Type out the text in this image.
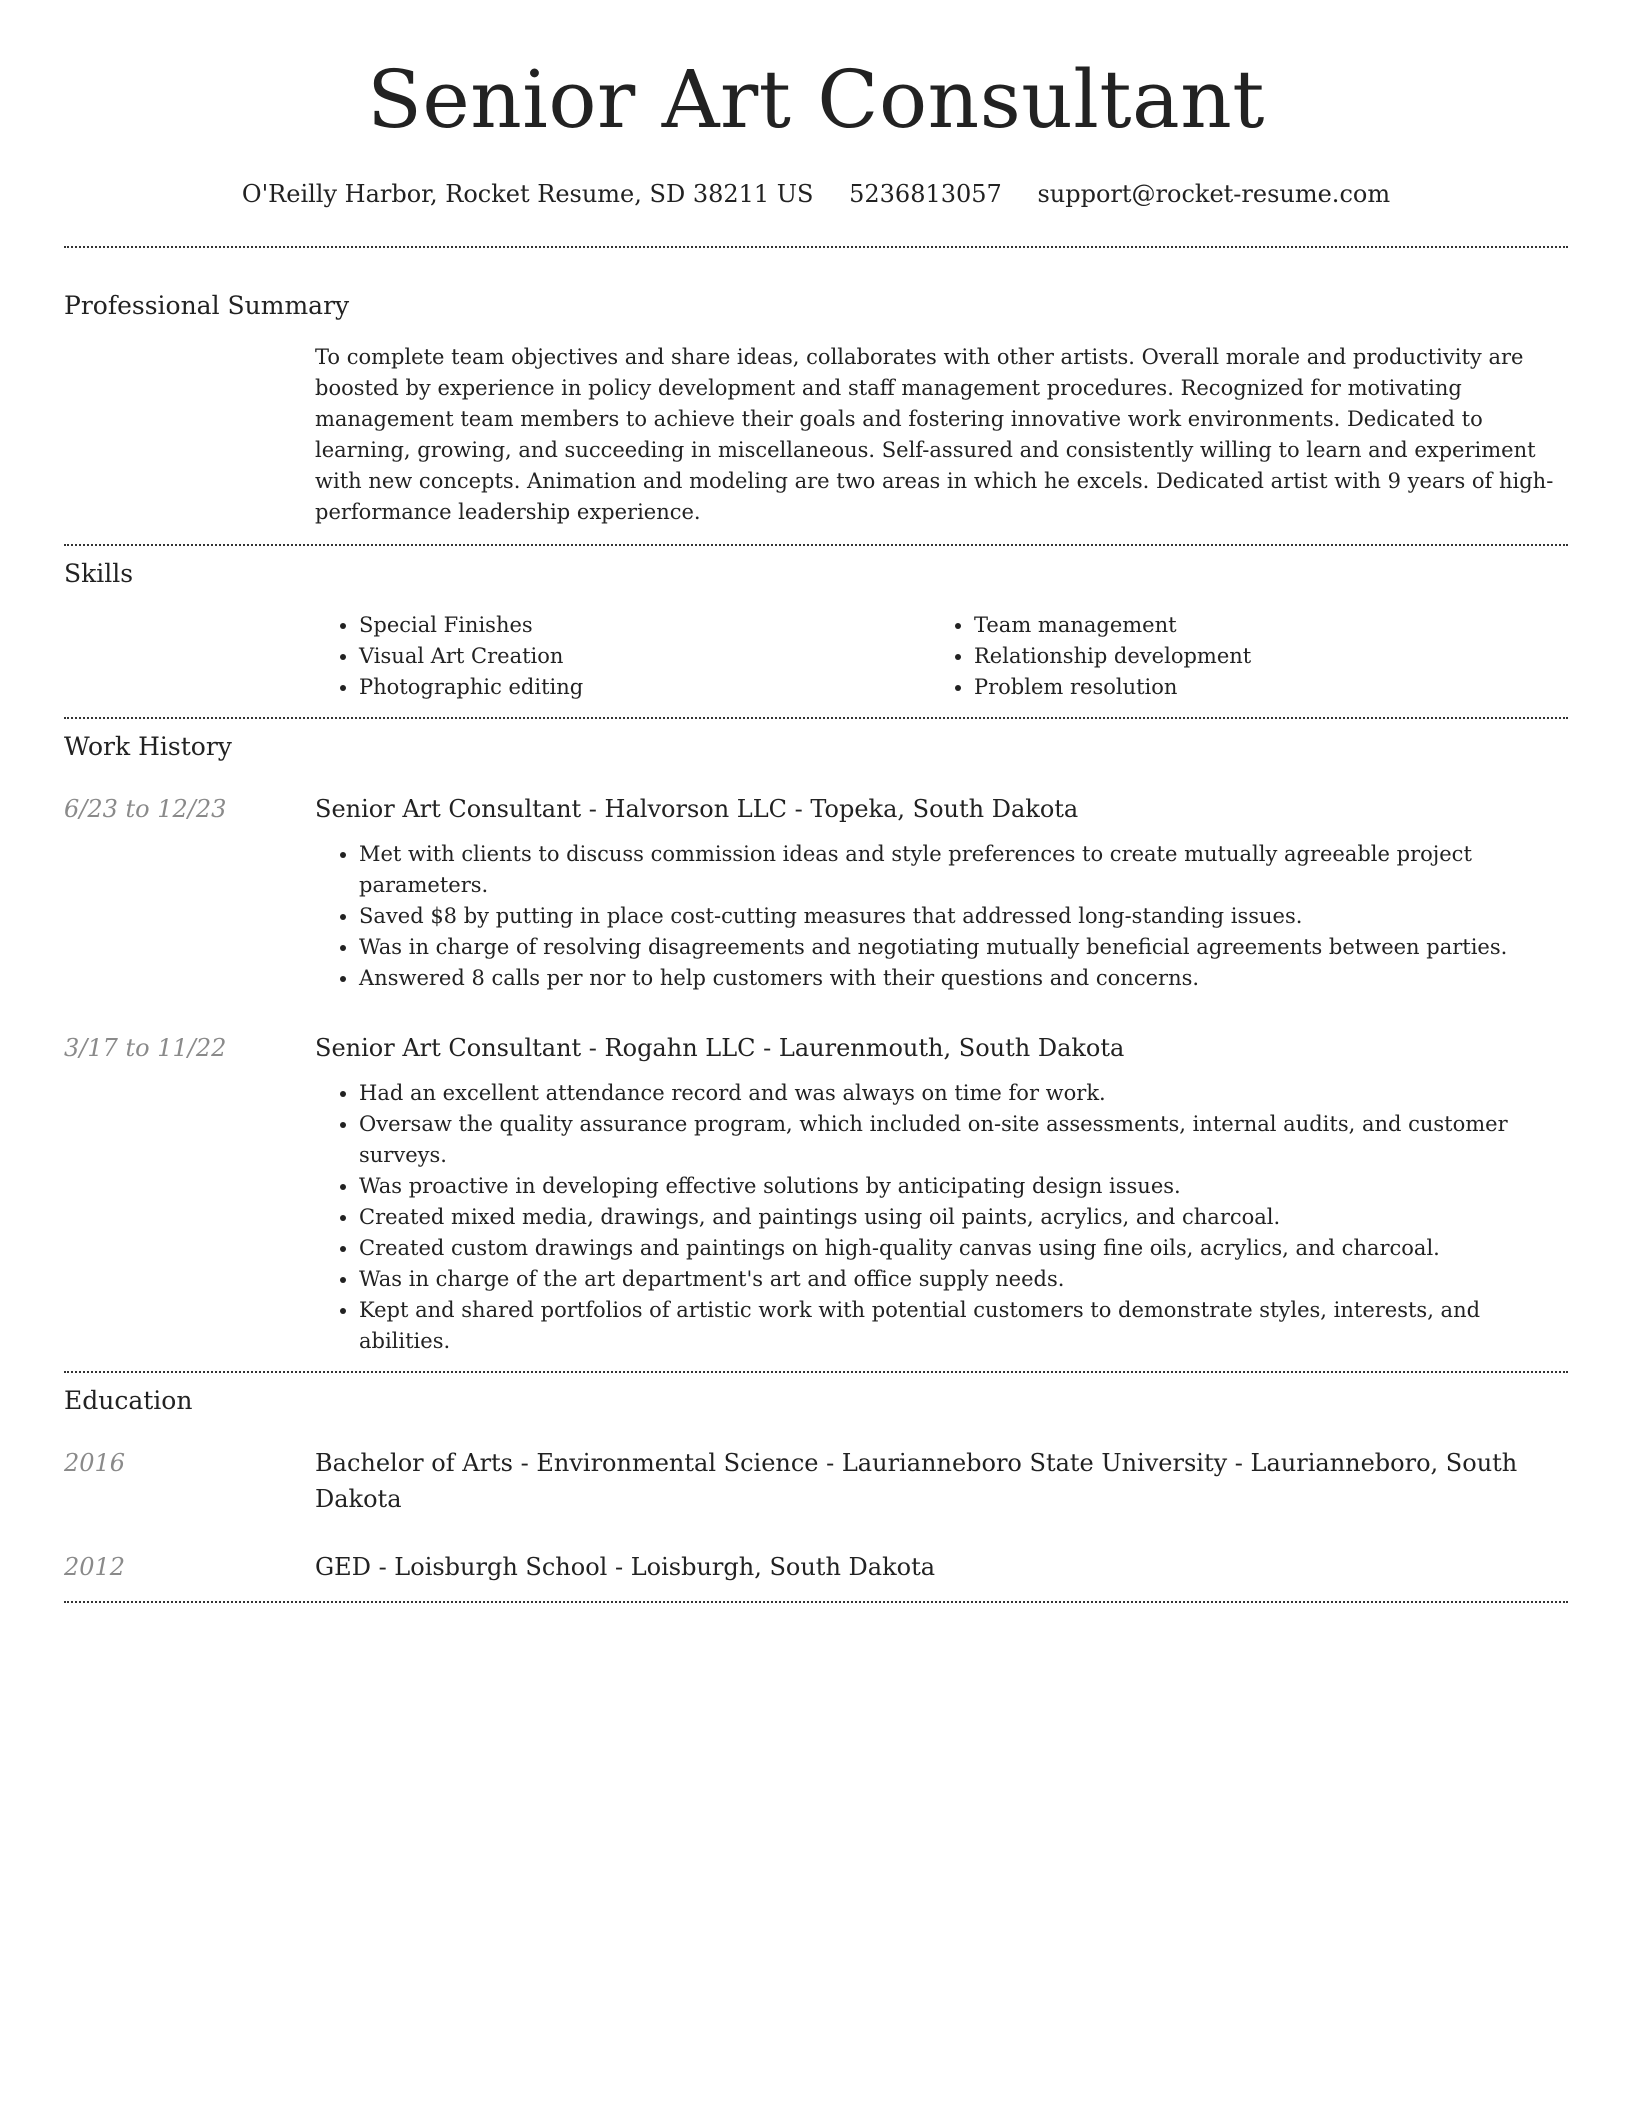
Senior Art Consultant
O'Reilly Harbor, Rocket Resume, SD 38211 US 5236813057 support@rocket-resume.com
Professional Summary
To complete team objectives and share ideas, collaborates with other artists. Overall morale and productivity are boosted by experience in policy development and staff management procedures. Recognized for motivating management team members to achieve their goals and fostering innovative work environments. Dedicated to learning, growing, and succeeding in miscellaneous. Self-assured and consistently willing to learn and experiment with new concepts. Animation and modeling are two areas in which he excels. Dedicated artist with 9 years of high-performance leadership experience.
Skills
• Special Finishes
• Visual Art Creation
• Photographic editing
• Team management
• Relationship development
• Problem resolution
Work History
6/23 to 12/23	Senior Art Consultant - Halvorson LLC - Topeka, South Dakota
• Met with clients to discuss commission ideas and style preferences to create mutually agreeable project parameters.
• Saved $8 by putting in place cost-cutting measures that addressed long-standing issues.
• Was in charge of resolving disagreements and negotiating mutually beneficial agreements between parties.
• Answered 8 calls per nor to help customers with their questions and concerns.
3/17 to 11/22	Senior Art Consultant - Rogahn LLC - Laurenmouth, South Dakota
• Had an excellent attendance record and was always on time for work.
• Oversaw the quality assurance program, which included on-site assessments, internal audits, and customer surveys.
• Was proactive in developing effective solutions by anticipating design issues.
• Created mixed media, drawings, and paintings using oil paints, acrylics, and charcoal.
• Created custom drawings and paintings on high-quality canvas using fine oils, acrylics, and charcoal.
• Was in charge of the art department's art and office supply needs.
• Kept and shared portfolios of artistic work with potential customers to demonstrate styles, interests, and abilities.
Education
2016	Bachelor of Arts - Environmental Science - Laurianneboro State University - Laurianneboro, South Dakota
2012	GED - Loisburgh School - Loisburgh, South Dakota
